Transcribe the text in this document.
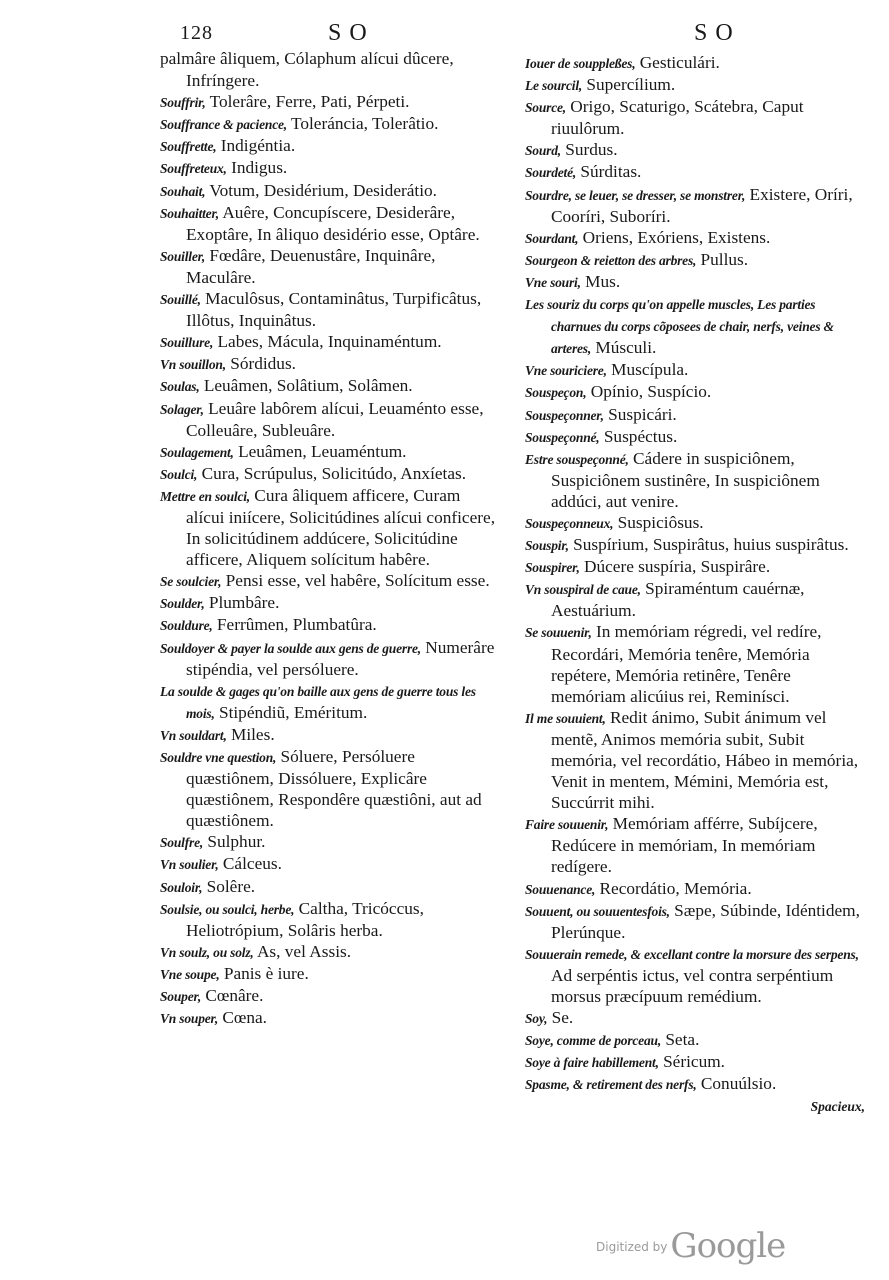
128	S O	S O
palmâre âliquem, Cólaphum alícui dûcere, Infríngere.
Souffrir, Tolerâre, Ferre, Pati, Pérpeti.
Souffrance & pacience, Toleráncia, Tolerâtio.
Souffrette, Indigéntia.
Souffreteux, Indigus.
Souhait, Votum, Desidérium, Desiderátio.
Souhaitter, Auêre, Concupíscere, Desiderâre, Exoptâre, In âliquo desidério esse, Optâre.
Souiller, Fœdâre, Deuenustâre, Inquinâre, Maculâre.
Souillé, Maculôsus, Contaminâtus, Turpificâtus, Illôtus, Inquinâtus.
Souillure, Labes, Mácula, Inquinaméntum.
Vn souillon, Sórdidus.
Soulas, Leuâmen, Solâtium, Solâmen.
Solager, Leuâre labôrem alícui, Leuaménto esse, Colleuâre, Subleuâre.
Soulagement, Leuâmen, Leuaméntum.
Soulci, Cura, Scrúpulus, Solicitúdo, Anxíetas.
Mettre en soulci, Cura âliquem afficere, Curam alícui iniícere, Solicitúdines alícui conficere, In solicitúdinem addúcere, Solicitúdine afficere, Aliquem solícitum habêre.
Se soulcier, Pensi esse, vel habêre, Solícitum esse.
Soulder, Plumbâre.
Souldure, Ferrûmen, Plumbatûra.
Souldoyer & payer la soulde aux gens de guerre, Numerâre stipéndia, vel persóluere.
La soulde & gages qu'on baille aux gens de guerre tous les mois, Stipéndiũ, Eméritum.
Vn souldart, Miles.
Souldre vne question, Sóluere, Persóluere quæstiônem, Dissóluere, Explicâre quæstiônem, Respondêre quæstiôni, aut ad quæstiônem.
Soulfre, Sulphur.
Vn soulier, Cálceus.
Souloir, Solêre.
Soulsie, ou soulci, herbe, Caltha, Tricóccus, Heliotrópium, Solâris herba.
Vn soulz, ou solz, As, vel Assis.
Vne soupe, Panis è iure.
Souper, Cœnâre.
Vn souper, Cœna.
Iouer de souppleßes, Gesticulári.
Le sourcil, Supercílium.
Source, Origo, Scaturigo, Scátebra, Caput riuulôrum.
Sourd, Surdus.
Sourdeté, Súrditas.
Sourdre, se leuer, se dresser, se monstrer, Existere, Oríri, Cooríri, Suboríri.
Sourdant, Oriens, Exóriens, Existens.
Sourgeon & reietton des arbres, Pullus.
Vne souri, Mus.
Les souriz du corps qu'on appelle muscles, Les parties charnues du corps cõposees de chair, nerfs, veines & arteres, Músculi.
Vne souriciere, Muscípula.
Souspeçon, Opínio, Suspício.
Souspeçonner, Suspicári.
Souspeçonné, Suspéctus.
Estre souspeçonné, Cádere in suspiciônem, Suspiciônem sustinêre, In suspiciônem addúci, aut venire.
Souspeçonneux, Suspiciôsus.
Souspir, Suspírium, Suspirâtus, huius suspirâtus.
Souspirer, Dúcere suspíria, Suspirâre.
Vn souspiral de caue, Spiraméntum cauérnæ, Aestuárium.
Se souuenir, In memóriam régredi, vel redíre, Recordári, Memória tenêre, Memória repétere, Memória retinêre, Tenêre memóriam alicúius rei, Reminísci.
Il me souuient, Redit ánimo, Subit ánimum vel mentẽ, Animos memória subit, Subit memória, vel recordátio, Hábeo in memória, Venit in mentem, Mémini, Memória est, Succúrrit mihi.
Faire souuenir, Memóriam afférre, Subíjcere, Redúcere in memóriam, In memóriam redígere.
Souuenance, Recordátio, Memória.
Souuent, ou souuentesfois, Sæpe, Súbinde, Idéntidem, Plerúnque.
Souuerain remede, & excellant contre la morsure des serpens, Ad serpéntis ictus, vel contra serpéntium morsus præcípuum remédium.
Soy, Se.
Soye, comme de porceau, Seta.
Soye à faire habillement, Séricum.
Spasme, & retirement des nerfs, Conuúlsio.
Spacieux,
$^{Digitized by}$Google
